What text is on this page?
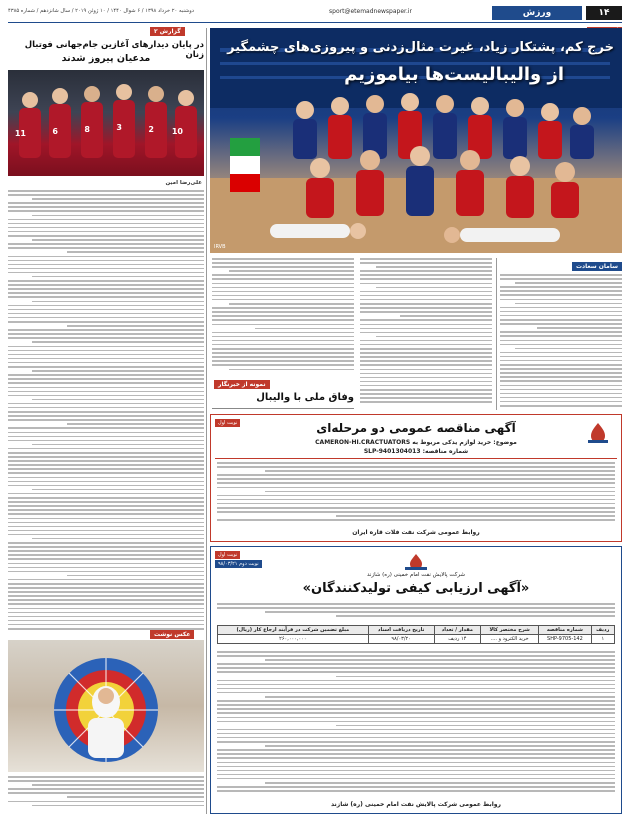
۱۴
ورزش
sport@etemadnewspaper.ir
دوشنبه ۲۰ خرداد ۱۳۹۸ / ۶ شوال ۱۴۴۰ / ۱۰ ژوئن ۲۰۱۹ / سال شانزدهم / شماره ۴۳۸۵
خرج کم، پشتکار زیاد، غیرت مثال‌زدنی و پیروزی‌های چشمگیر
از والیبالیست‌ها بیاموزیم
IRVB
گزارش ۲
در پایان دیدارهای آغازین جام‌جهانی فوتبال زنان
مدعیان پیروز شدند
11	6	8	3	2 10
علی‌رضا امین
عکس نوشت
سامان سعادت
نمونه از خبرنگار
وفاق ملی با والیبال
نوبت اول	آگهی مناقصه عمومی دو مرحله‌ای
موضوع: خرید لوازم یدکی مربوط به CAMERON-HI.CRACTUATORS
شماره مناقصه: SLP-9401304013
روابط عمومی شرکت نفت فلات قاره ایران
نوبت اول
نوبت دوم ۹۸/۰۳/۲۱
شرکت پالایش نفت امام خمینی (ره) شازند
«آگهی ارزیابی کیفی تولیدکنندگان»
ردیف	شماره مناقصه	شرح مختصر کالا	مقدار / تعداد	تاریخ دریافت اسناد	مبلغ تضمین شرکت در فرآیند ارجاع کار (ریال)
۱	SHP-9705-142	خرید الکترود و ....	۱۴ ردیف	۹۸/۰۳/۲۰	۲۶۰,۰۰۰,۰۰۰
روابط عمومی شرکت پالایش نفت امام خمینی (ره) شازند
